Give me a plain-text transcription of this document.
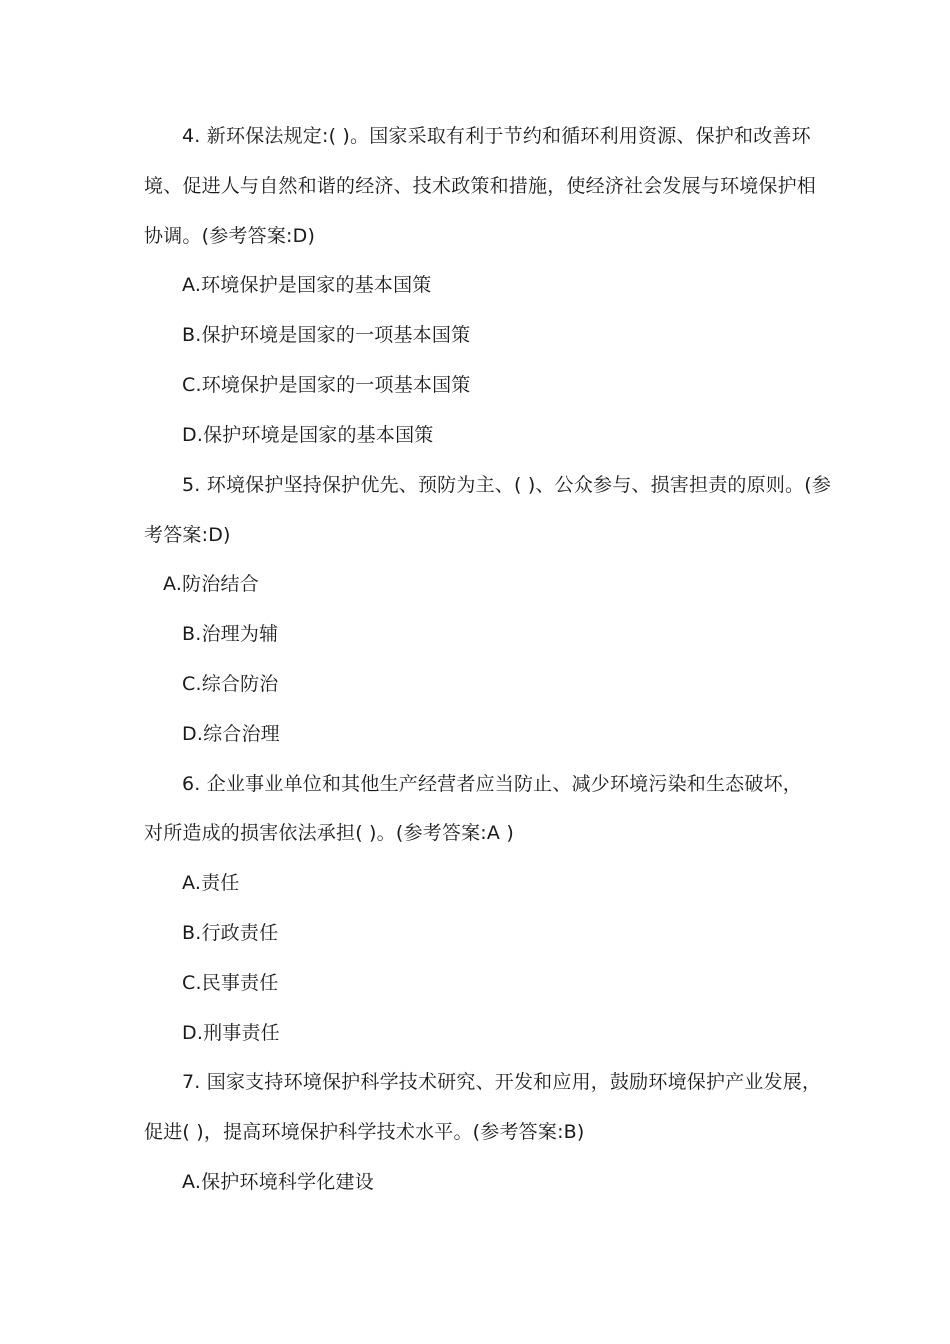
4. 新环保法规定:( )。国家采取有利于节约和循环利用资源、保护和改善环
境、促进人与自然和谐的经济、技术政策和措施，使经济社会发展与环境保护相
协调。(参考答案:D)
A.环境保护是国家的基本国策
B.保护环境是国家的一项基本国策
C.环境保护是国家的一项基本国策
D.保护环境是国家的基本国策
5. 环境保护坚持保护优先、预防为主、( )、公众参与、损害担责的原则。(参
考答案:D)
A.防治结合
B.治理为辅
C.综合防治
D.综合治理
6. 企业事业单位和其他生产经营者应当防止、减少环境污染和生态破坏，
对所造成的损害依法承担( )。(参考答案:A )
A.责任
B.行政责任
C.民事责任
D.刑事责任
7. 国家支持环境保护科学技术研究、开发和应用，鼓励环境保护产业发展，
促进( )，提高环境保护科学技术水平。(参考答案:B)
A.保护环境科学化建设
